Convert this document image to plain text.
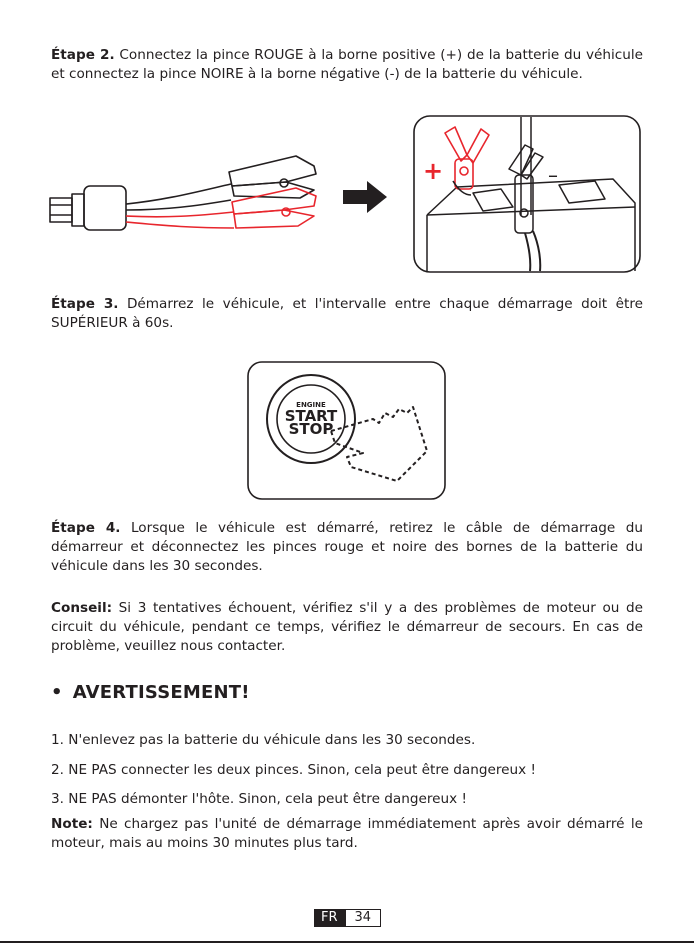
Étape 2. Connectez la pince ROUGE à la borne positive (+) de la batterie du véhicule et connectez la pince NOIRE à la borne négative (-) de la batterie du véhicule.
+	–
Étape 3. Démarrez le véhicule, et l'intervalle entre chaque démarrage doit être SUPÉRIEUR à 60s.
ENGINE
START
STOP
Étape 4. Lorsque le véhicule est démarré, retirez le câble de démarrage du démarreur et déconnectez les pinces rouge et noire des bornes de la batterie du véhicule dans les 30 secondes.
Conseil: Si 3 tentatives échouent, vérifiez s'il y a des problèmes de moteur ou de circuit du véhicule, pendant ce temps, vérifiez le démarreur de secours. En cas de problème, veuillez nous contacter.
• AVERTISSEMENT!
1. N'enlevez pas la batterie du véhicule dans les 30 secondes.
2. NE PAS connecter les deux pinces. Sinon, cela peut être dangereux !
3. NE PAS démonter l'hôte. Sinon, cela peut être dangereux !
Note: Ne chargez pas l'unité de démarrage immédiatement après avoir démarré le moteur, mais au moins 30 minutes plus tard.
FR	34
